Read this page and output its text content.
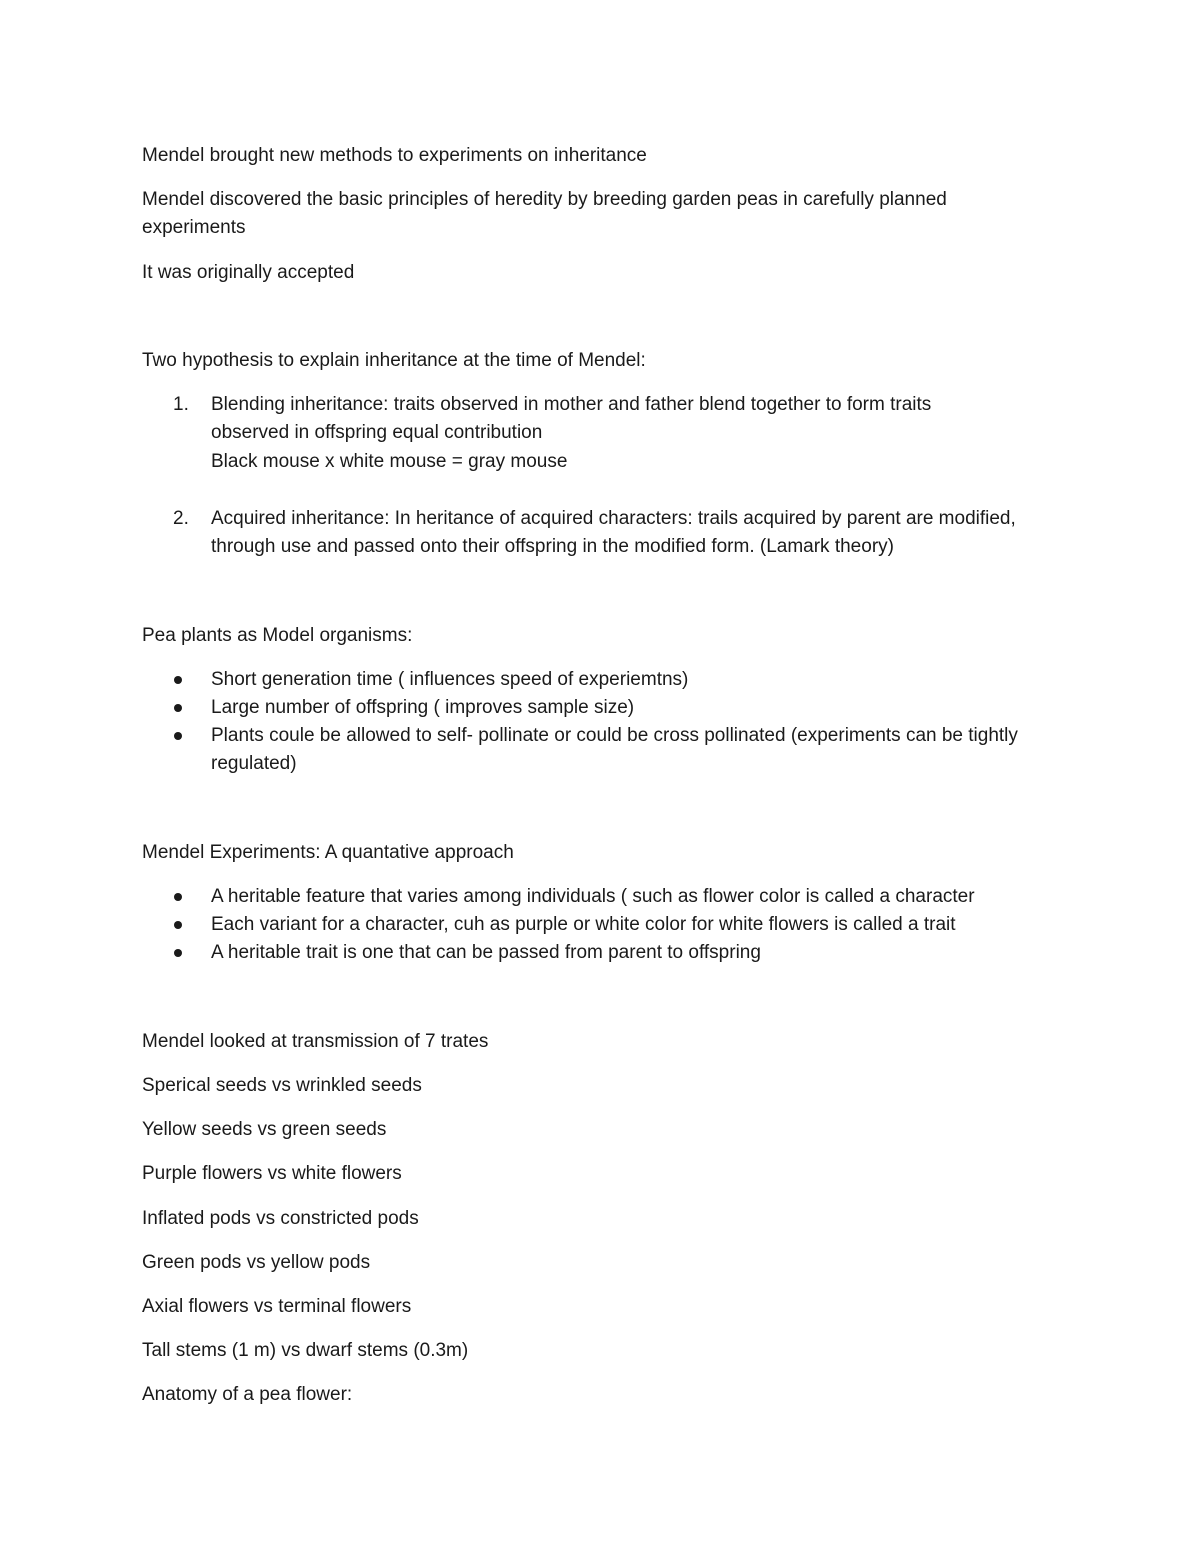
Mendel brought new methods to experiments on inheritance
Mendel discovered the basic principles of heredity by breeding garden peas in carefully planned
experiments
It was originally accepted
Two hypothesis to explain inheritance at the time of Mendel:
1. Blending inheritance: traits observed in mother and father blend together to form traits
observed in offspring equal contribution
Black mouse x white mouse = gray mouse
2. Acquired inheritance: In heritance of acquired characters: trails acquired by parent are modified,
through use and passed onto their offspring in the modified form. (Lamark theory)
Pea plants as Model organisms:
Short generation time ( influences speed of experiemtns)
Large number of offspring ( improves sample size)
Plants coule be allowed to self- pollinate or could be cross pollinated (experiments can be tightly
regulated)
Mendel Experiments: A quantative approach
A heritable feature that varies among individuals ( such as flower color is called a character
Each variant for a character, cuh as purple or white color for white flowers is called a trait
A heritable trait is one that can be passed from parent to offspring
Mendel looked at transmission of 7 trates
Sperical seeds vs wrinkled seeds
Yellow seeds vs green seeds
Purple flowers vs white flowers
Inflated pods vs constricted pods
Green pods vs yellow pods
Axial flowers vs terminal flowers
Tall stems (1 m) vs dwarf stems (0.3m)
Anatomy of a pea flower:
